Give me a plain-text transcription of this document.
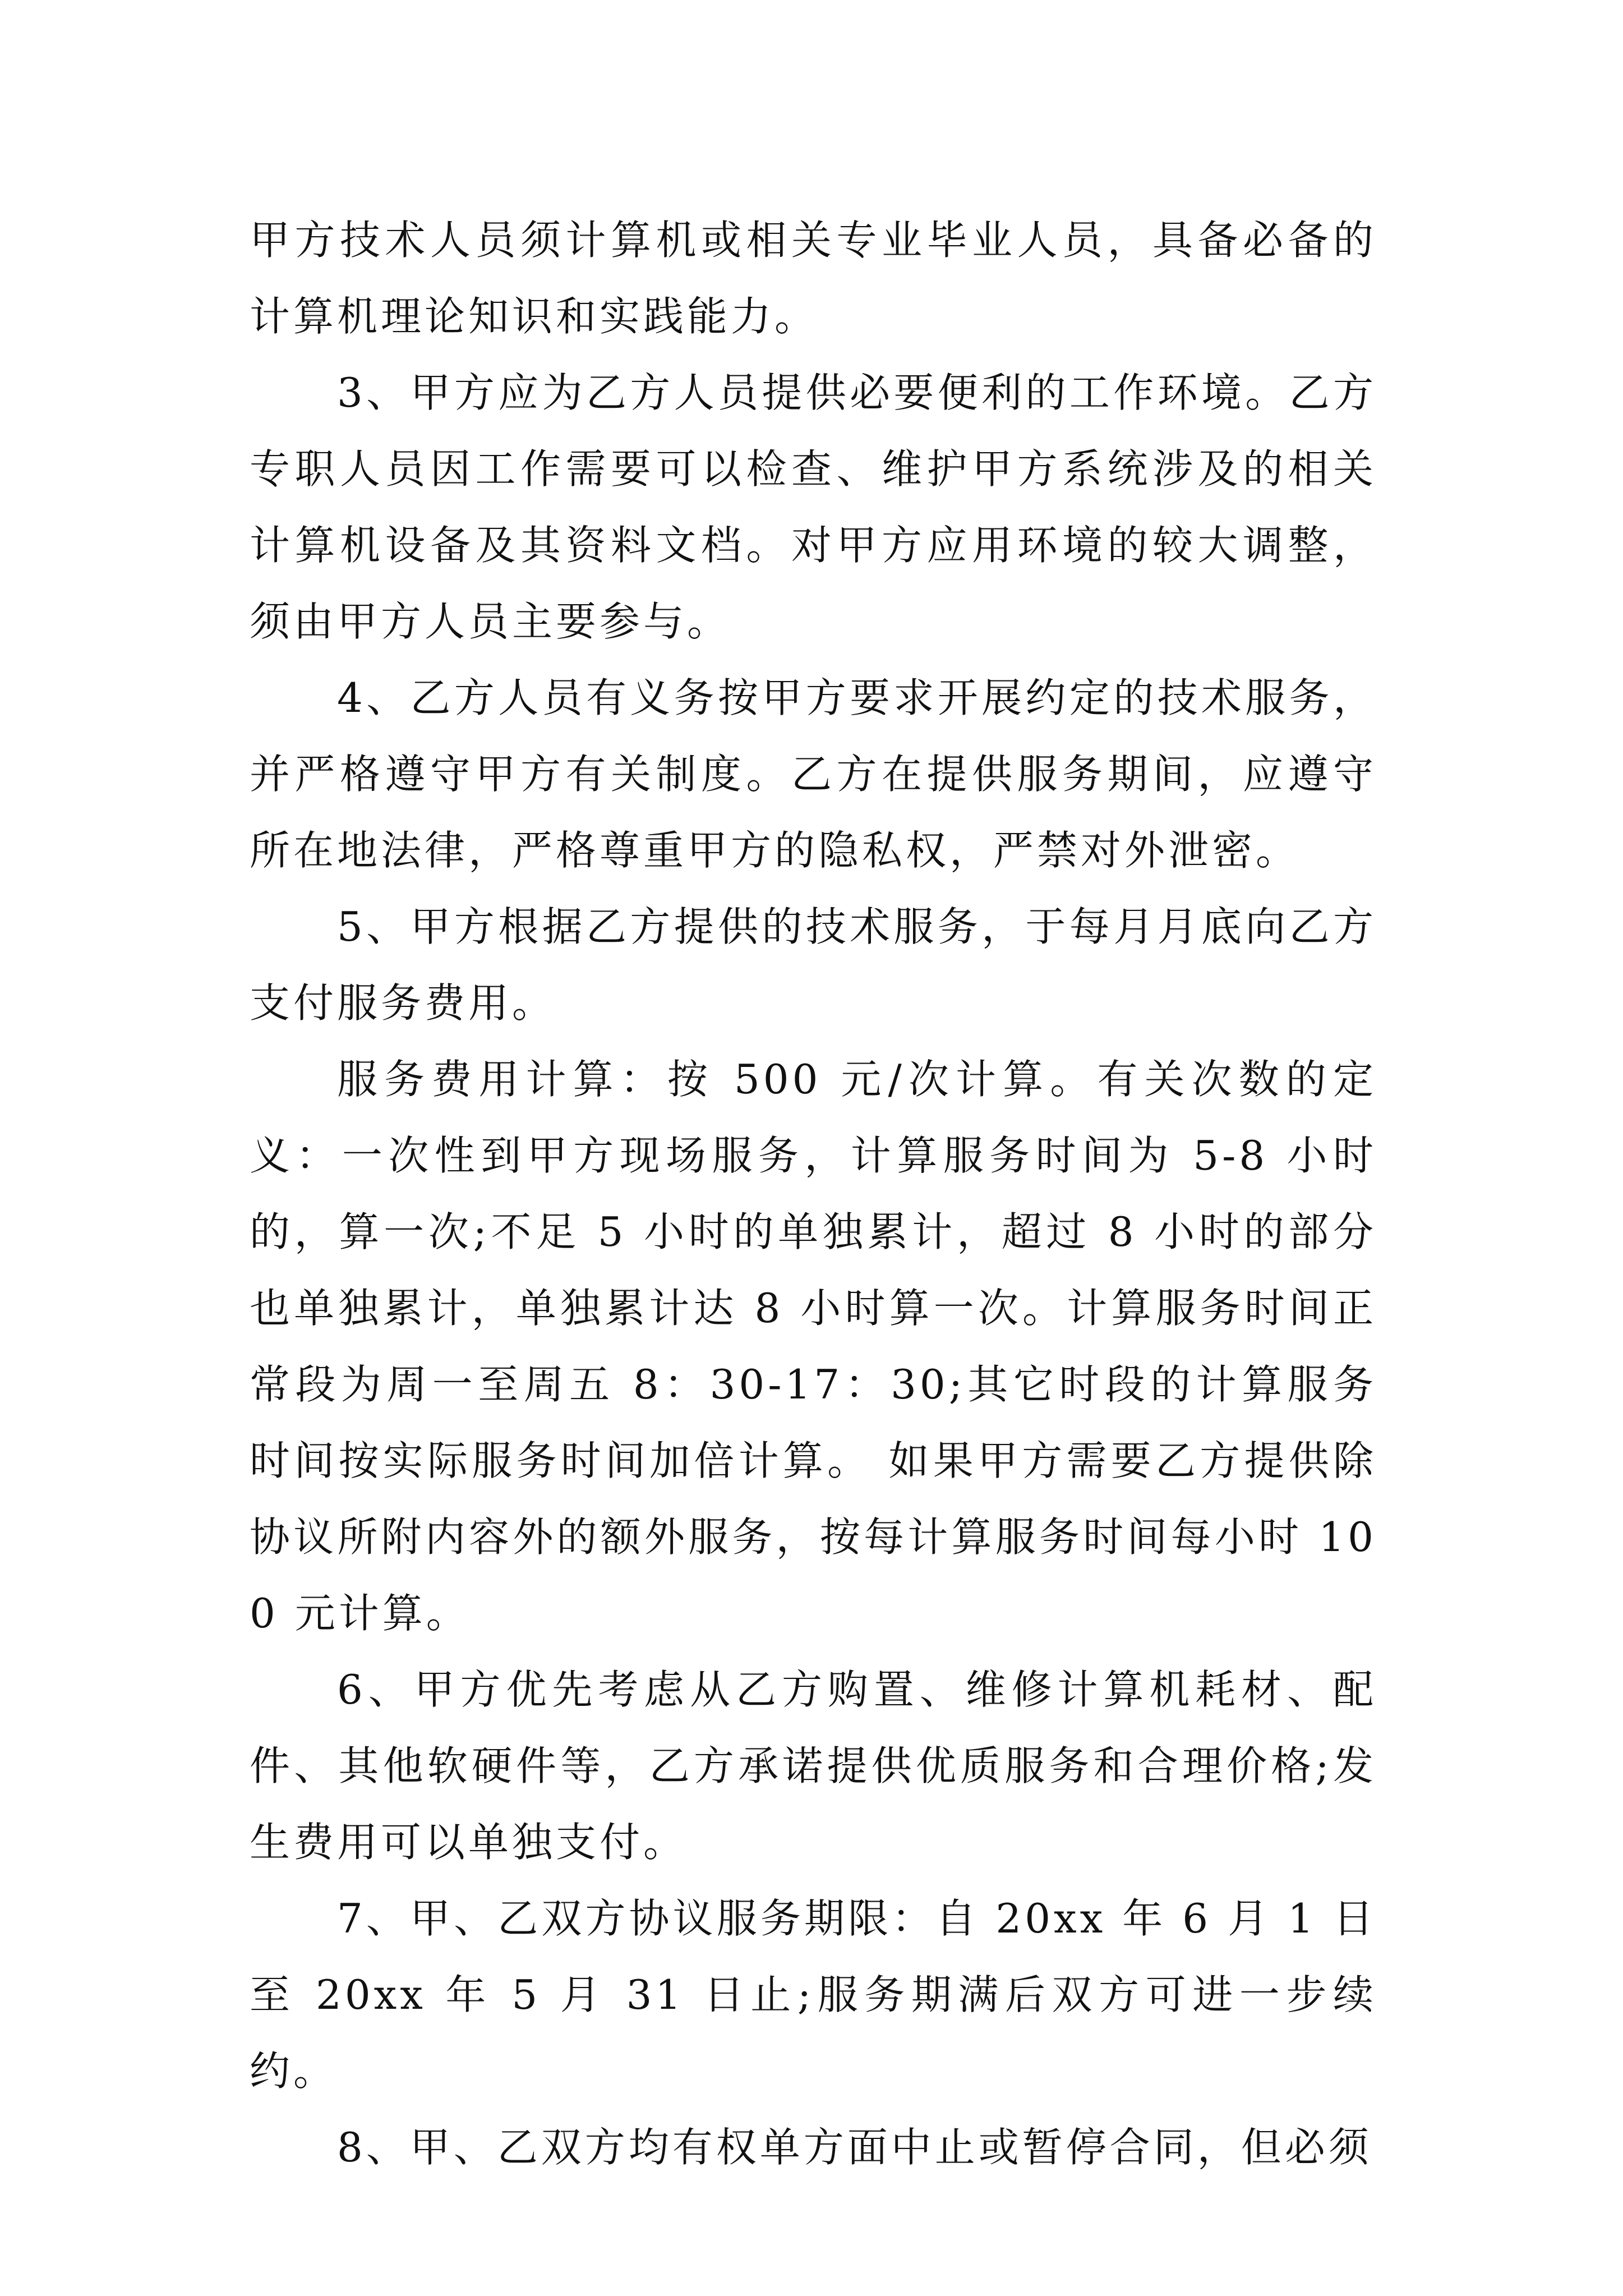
甲方技术人员须计算机或相关专业毕业人员，具备必备的计算机理论知识和实践能力。

3、甲方应为乙方人员提供必要便利的工作环境。乙方专职人员因工作需要可以检查、维护甲方系统涉及的相关计算机设备及其资料文档。对甲方应用环境的较大调整，须由甲方人员主要参与。

4、乙方人员有义务按甲方要求开展约定的技术服务，并严格遵守甲方有关制度。乙方在提供服务期间，应遵守所在地法律，严格尊重甲方的隐私权，严禁对外泄密。

5、甲方根据乙方提供的技术服务，于每月月底向乙方支付服务费用。

服务费用计算：按 500 元/次计算。有关次数的定义：一次性到甲方现场服务，计算服务时间为 5-8 小时的，算一次;不足 5 小时的单独累计，超过 8 小时的部分也单独累计，单独累计达 8 小时算一次。计算服务时间正常段为周一至周五 8：30-17：30;其它时段的计算服务时间按实际服务时间加倍计算。 如果甲方需要乙方提供除协议所附内容外的额外服务，按每计算服务时间每小时 100 元计算。

6、甲方优先考虑从乙方购置、维修计算机耗材、配件、其他软硬件等，乙方承诺提供优质服务和合理价格;发生费用可以单独支付。

7、甲、乙双方协议服务期限：自 20xx 年 6 月 1 日至 20xx 年 5 月 31 日止;服务期满后双方可进一步续约。

8、甲、乙双方均有权单方面中止或暂停合同，但必须
